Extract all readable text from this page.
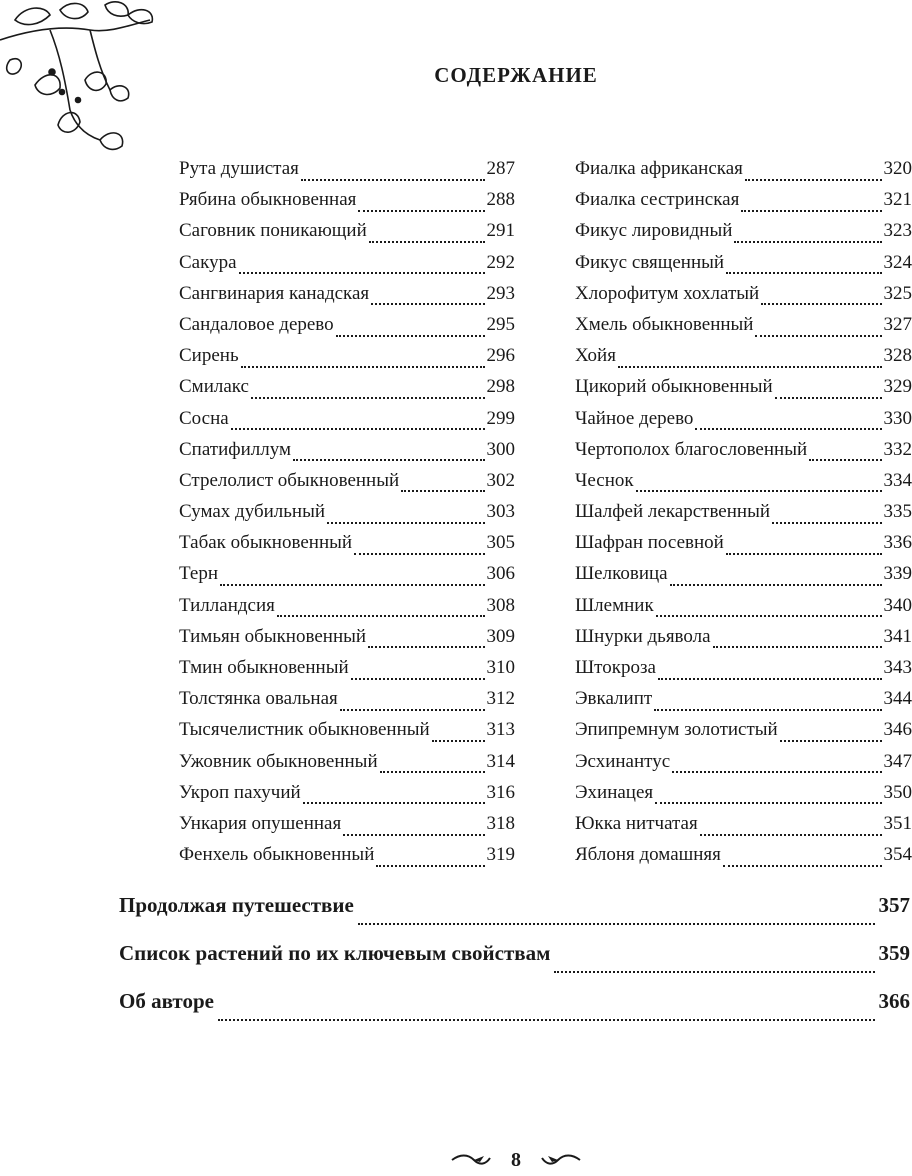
СОДЕРЖАНИЕ
Рута душистая	287
Рябина обыкновенная	288
Саговник поникающий	291
Сакура	292
Сангвинария канадская	293
Сандаловое дерево	295
Сирень	296
Смилакс	298
Сосна	299
Спатифиллум	300
Стрелолист обыкновенный	302
Сумах дубильный	303
Табак обыкновенный	305
Терн	306
Тилландсия	308
Тимьян обыкновенный	309
Тмин обыкновенный	310
Толстянка овальная	312
Тысячелистник обыкновенный	313
Ужовник обыкновенный	314
Укроп пахучий	316
Ункария опушенная	318
Фенхель обыкновенный	319
Фиалка африканская	320
Фиалка сестринская	321
Фикус лировидный	323
Фикус священный	324
Хлорофитум хохлатый	325
Хмель обыкновенный	327
Хойя	328
Цикорий обыкновенный	329
Чайное дерево	330
Чертополох благословенный	332
Чеснок	334
Шалфей лекарственный	335
Шафран посевной	336
Шелковица	339
Шлемник	340
Шнурки дьявола	341
Штокроза	343
Эвкалипт	344
Эпипремнум золотистый	346
Эсхинантус	347
Эхинацея	350
Юкка нитчатая	351
Яблоня домашняя	354
Продолжая путешествие	357
Список растений по их ключевым свойствам	359
Об авторе	366
8
